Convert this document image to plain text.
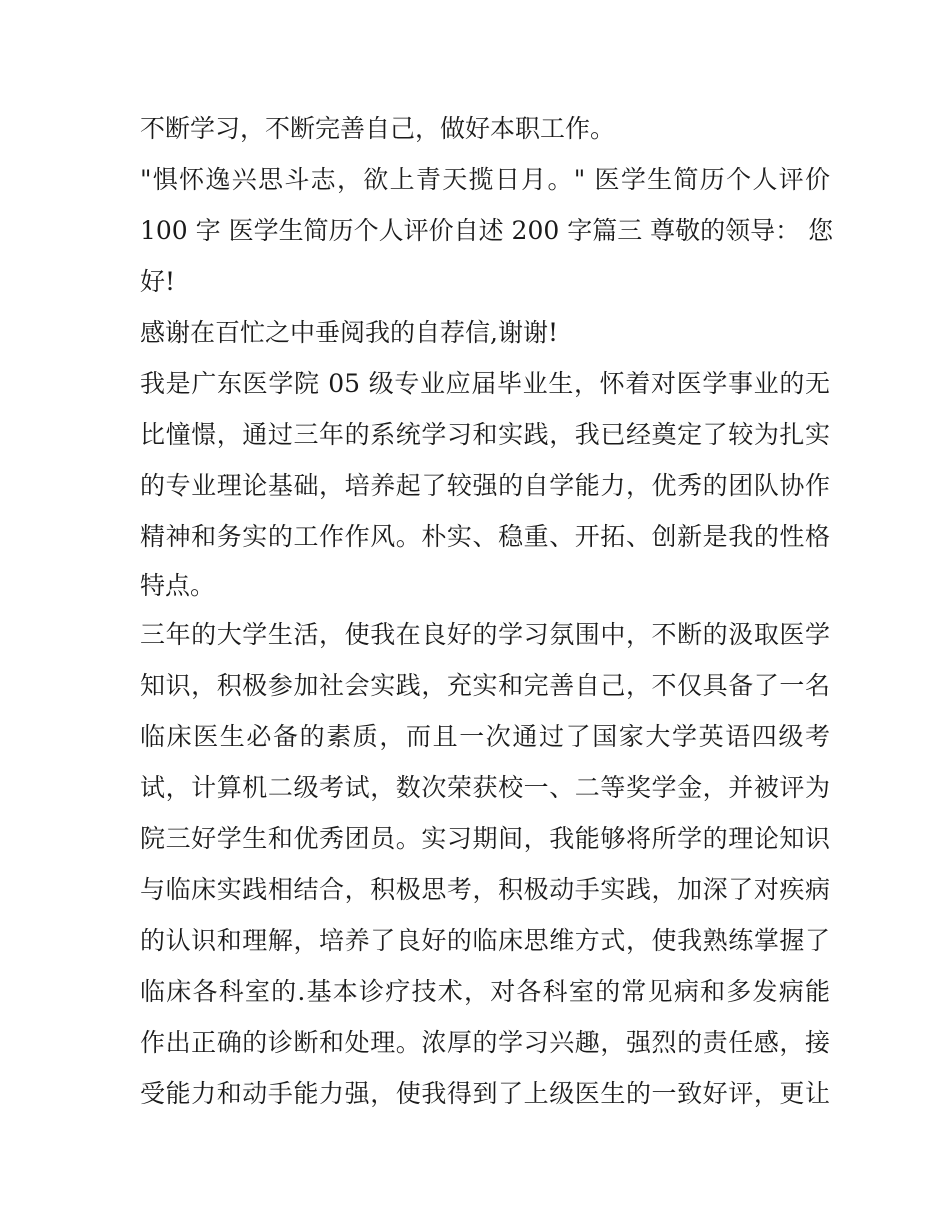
不断学习，不断完善自己，做好本职工作。
"惧怀逸兴思斗志，欲上青天揽日月。" 医学生简历个人评价
100 字 医学生简历个人评价自述 200 字篇三 尊敬的领导： 您
好!
感谢在百忙之中垂阅我的自荐信,谢谢!
我是广东医学院 05 级专业应届毕业生，怀着对医学事业的无
比憧憬，通过三年的系统学习和实践，我已经奠定了较为扎实
的专业理论基础，培养起了较强的自学能力，优秀的团队协作
精神和务实的工作作风。朴实、稳重、开拓、创新是我的性格
特点。
三年的大学生活，使我在良好的学习氛围中，不断的汲取医学
知识，积极参加社会实践，充实和完善自己，不仅具备了一名
临床医生必备的素质，而且一次通过了国家大学英语四级考
试，计算机二级考试，数次荣获校一、二等奖学金，并被评为
院三好学生和优秀团员。实习期间，我能够将所学的理论知识
与临床实践相结合，积极思考，积极动手实践，加深了对疾病
的认识和理解，培养了良好的临床思维方式，使我熟练掌握了
临床各科室的.基本诊疗技术，对各科室的常见病和多发病能
作出正确的诊断和处理。浓厚的学习兴趣，强烈的责任感，接
受能力和动手能力强，使我得到了上级医生的一致好评，更让
